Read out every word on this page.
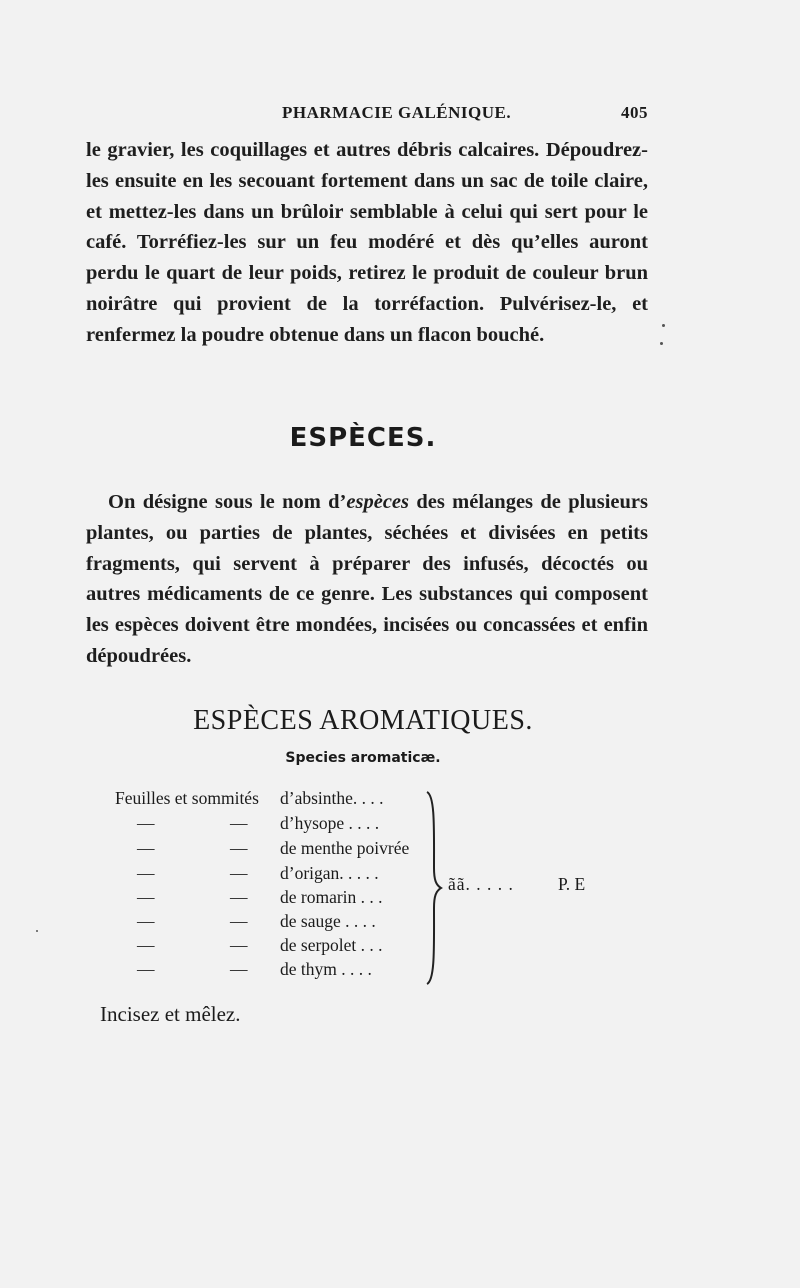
PHARMACIE GALÉNIQUE.	405
le gravier, les coquillages et autres débris calcaires. Dépoudrez-les ensuite en les secouant fortement dans un sac de toile claire, et mettez-les dans un brûloir semblable à celui qui sert pour le café. Torréfiez-les sur un feu modéré et dès qu’elles auront perdu le quart de leur poids, retirez le produit de couleur brun noirâtre qui provient de la torréfaction. Pulvérisez-le, et renfermez la poudre obtenue dans un flacon bouché.
ESPÈCES.
On désigne sous le nom d’espèces des mélanges de plusieurs plantes, ou parties de plantes, séchées et divisées en petits fragments, qui servent à préparer des infusés, décoctés ou autres médicaments de ce genre. Les substances qui composent les espèces doivent être mondées, incisées ou concassées et enfin dépoudrées.
ESPÈCES AROMATIQUES.
Species aromaticæ.
Feuilles et sommités d’absinthe. . . .
—	— d’hysope . . . .
—	— de menthe poivrée
—	— d’origan. . . . .
—	— de romarin . . .
—	— de sauge . . . .
—	— de serpolet . . .
—	— de thym . . . .
ãã. . . . .	P. E
Incisez et mêlez.
